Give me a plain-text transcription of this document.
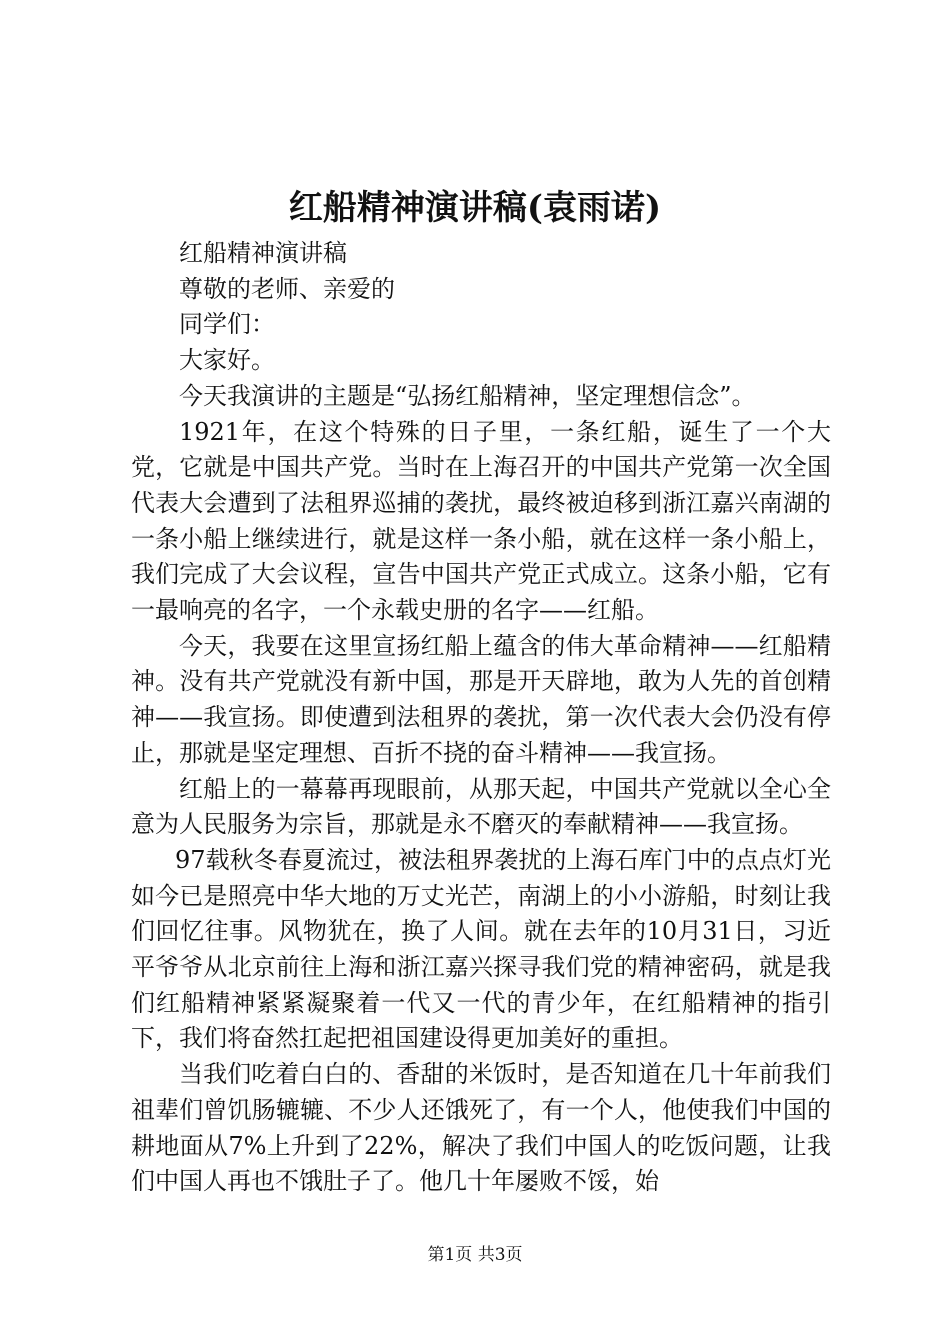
红船精神演讲稿(袁雨诺)

红船精神演讲稿

尊敬的老师、亲爱的

同学们：

大家好。

今天我演讲的主题是“弘扬红船精神，坚定理想信念”。

1921年，在这个特殊的日子里，一条红船，诞生了一个大党，它就是中国共产党。当时在上海召开的中国共产党第一次全国代表大会遭到了法租界巡捕的袭扰，最终被迫移到浙江嘉兴南湖的一条小船上继续进行，就是这样一条小船，就在这样一条小船上，我们完成了大会议程，宣告中国共产党正式成立。这条小船，它有一最响亮的名字，一个永载史册的名字——红船。

今天，我要在这里宣扬红船上蕴含的伟大革命精神——红船精神。没有共产党就没有新中国，那是开天辟地，敢为人先的首创精神——我宣扬。即使遭到法租界的袭扰，第一次代表大会仍没有停止，那就是坚定理想、百折不挠的奋斗精神——我宣扬。

红船上的一幕幕再现眼前，从那天起，中国共产党就以全心全意为人民服务为宗旨，那就是永不磨灭的奉献精神——我宣扬。

97载秋冬春夏流过，被法租界袭扰的上海石库门中的点点灯光如今已是照亮中华大地的万丈光芒，南湖上的小小游船，时刻让我们回忆往事。风物犹在，换了人间。就在去年的10月31日，习近平爷爷从北京前往上海和浙江嘉兴探寻我们党的精神密码，就是我们红船精神紧紧凝聚着一代又一代的青少年，在红船精神的指引下，我们将奋然扛起把祖国建设得更加美好的重担。

当我们吃着白白的、香甜的米饭时，是否知道在几十年前我们祖辈们曾饥肠辘辘、不少人还饿死了，有一个人，他使我们中国的耕地面从7%上升到了22%，解决了我们中国人的吃饭问题，让我们中国人再也不饿肚子了。他几十年屡败不馁，始

第1页 共3页
